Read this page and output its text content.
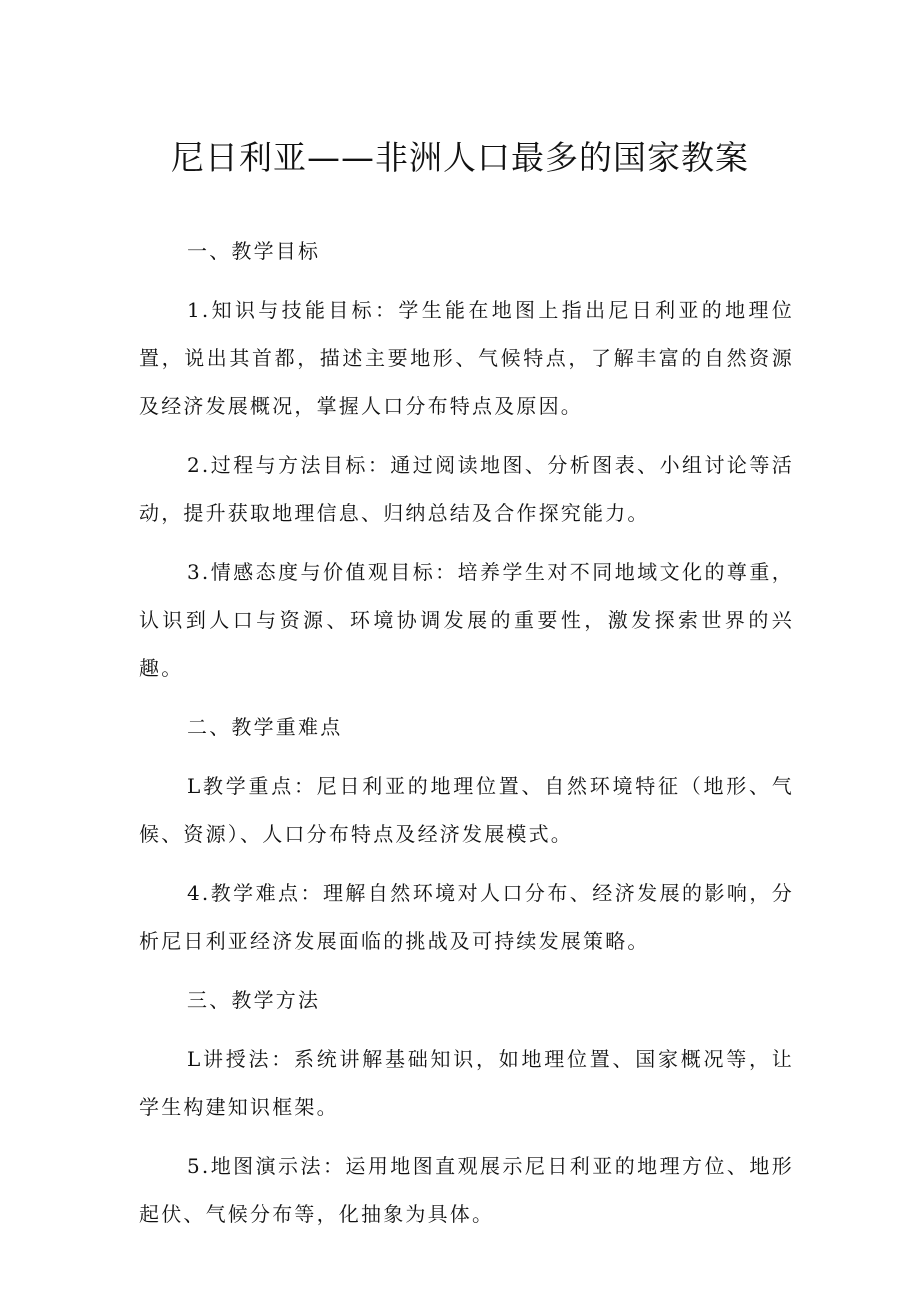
尼日利亚——非洲人口最多的国家教案

一、教学目标

1.知识与技能目标：学生能在地图上指出尼日利亚的地理位置，说出其首都，描述主要地形、气候特点，了解丰富的自然资源及经济发展概况，掌握人口分布特点及原因。

2.过程与方法目标：通过阅读地图、分析图表、小组讨论等活动，提升获取地理信息、归纳总结及合作探究能力。

3.情感态度与价值观目标：培养学生对不同地域文化的尊重，认识到人口与资源、环境协调发展的重要性，激发探索世界的兴趣。

二、教学重难点

L教学重点：尼日利亚的地理位置、自然环境特征（地形、气候、资源）、人口分布特点及经济发展模式。

4.教学难点：理解自然环境对人口分布、经济发展的影响，分析尼日利亚经济发展面临的挑战及可持续发展策略。

三、教学方法

L讲授法：系统讲解基础知识，如地理位置、国家概况等，让学生构建知识框架。

5.地图演示法：运用地图直观展示尼日利亚的地理方位、地形起伏、气候分布等，化抽象为具体。
